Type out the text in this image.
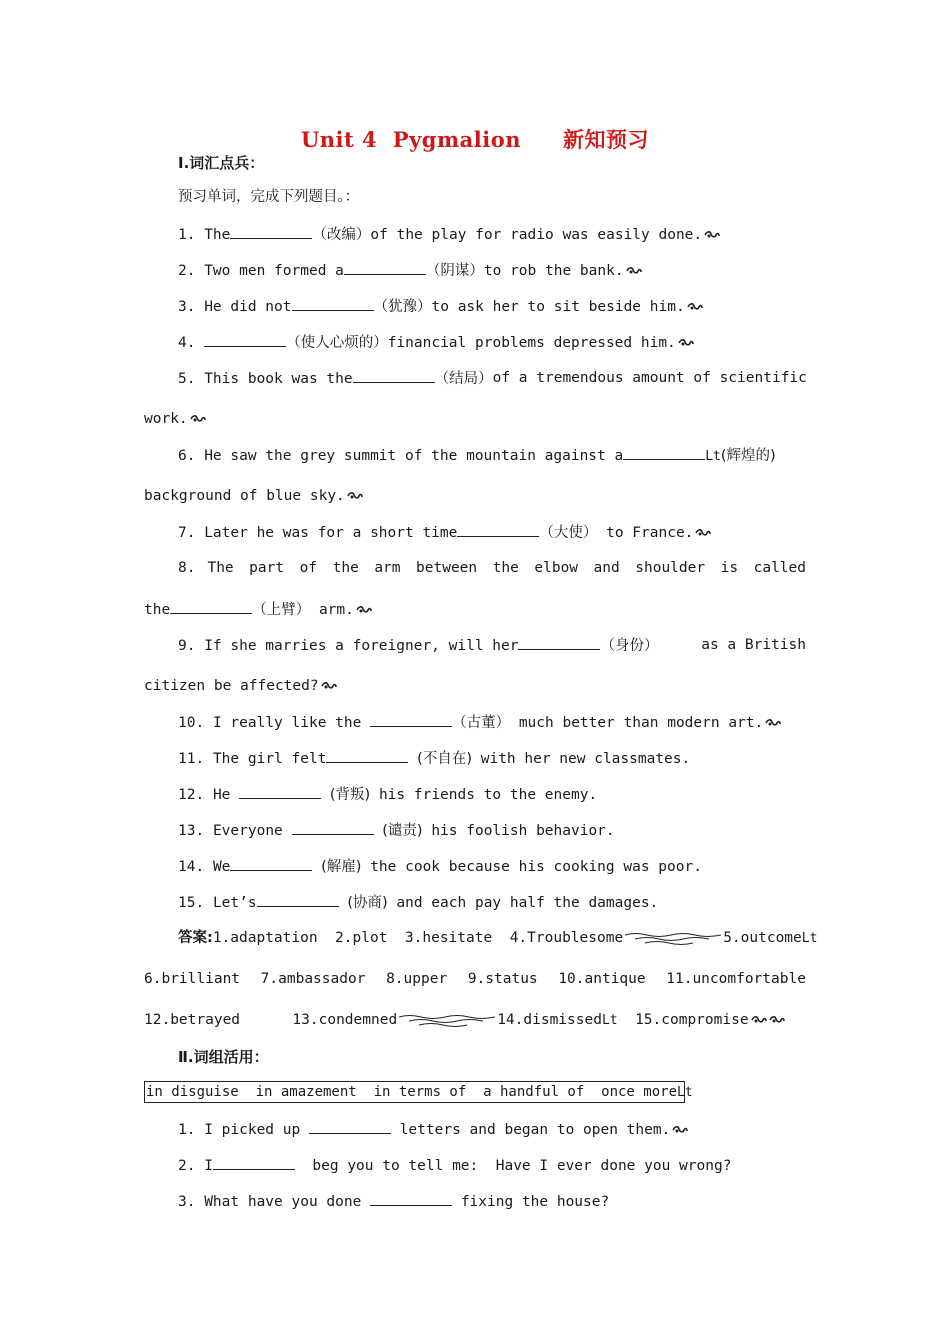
Unit 4 Pygmalion 新知预习
Ⅰ.词汇点兵：
预习单词，完成下列题目。：
1. The	（改编）of the play for radio was easily done.
2. Two men formed a	（阴谋）to rob the bank.
3. He did not	（犹豫）to ask her to sit beside him.
4.	（使人心烦的）financial problems depressed him.
5. This book was the	（结局） of a tremendous amount of scientific
work.
6. He saw the grey summit of the mountain against a	Lt(辉煌的)
background of blue sky.
7. Later he was for a short time	（大使） to France.
8. The part of the arm between the elbow and shoulder is called
the	（上臂） arm.
9. If she marries a foreigner, will her	（身份）	as a British
citizen be affected?
10. I really like the	（古董） much better than modern art.
11. The girl felt	(不自在) with her new classmates.
12. He	(背叛) his friends to the enemy.
13. Everyone	(谴责) his foolish behavior.
14. We	(解雇) the cook because his cooking was poor.
15. Let’s	(协商) and each pay half the damages.
答案:1.adaptation 2.plot 3.hesitate 4.Troublesome	5.outcomeLt
6.brilliant 7.ambassador 8.upper 9.status 10.antique 11.uncomfortable
12.betrayed	13.condemned	14.dismissedLt 15.compromise
Ⅱ.词组活用：
in disguise  in amazement  in terms of  a handful of  once moreLt
1. I picked up	letters and began to open them.
2. I	beg you to tell me:  Have I ever done you wrong?
3. What have you done	fixing the house?
